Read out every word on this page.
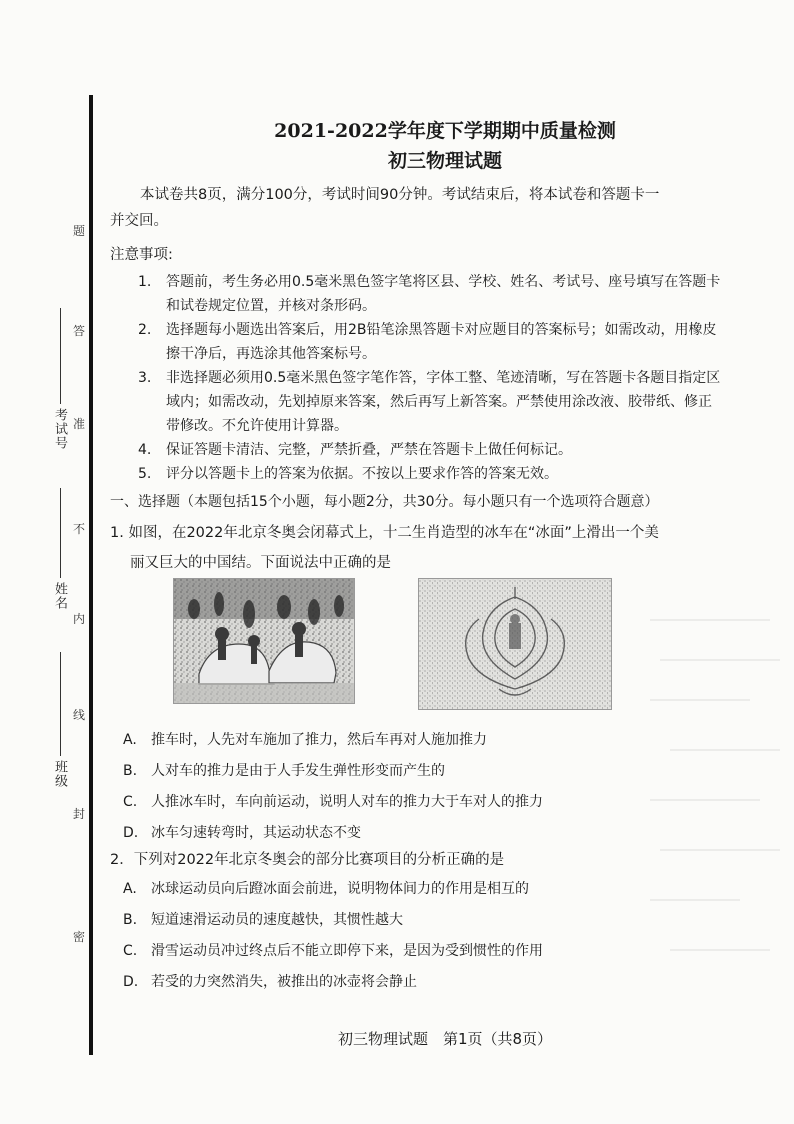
考试号
姓名
班级
题
答
准
不
内
线
封
密
2021-2022学年度下学期期中质量检测
初三物理试题
本试卷共8页，满分100分，考试时间90分钟。考试结束后，将本试卷和答题卡一
并交回。
注意事项:
1.	答题前，考生务必用0.5毫米黑色签字笔将区县、学校、姓名、考试号、座号填写在答题卡和试卷规定位置，并核对条形码。
2.	选择题每小题选出答案后，用2B铅笔涂黑答题卡对应题目的答案标号；如需改动，用橡皮擦干净后，再选涂其他答案标号。
3.	非选择题必须用0.5毫米黑色签字笔作答，字体工整、笔迹清晰，写在答题卡各题目指定区域内；如需改动，先划掉原来答案，然后再写上新答案。严禁使用涂改液、胶带纸、修正带修改。不允许使用计算器。
4.	保证答题卡清洁、完整，严禁折叠，严禁在答题卡上做任何标记。
5.	评分以答题卡上的答案为依据。不按以上要求作答的答案无效。
一、选择题（本题包括15个小题，每小题2分，共30分。每小题只有一个选项符合题意）
1. 如图，在2022年北京冬奥会闭幕式上，十二生肖造型的冰车在“冰面”上滑出一个美
丽又巨大的中国结。下面说法中正确的是
A.	推车时，人先对车施加了推力，然后车再对人施加推力
B. 人对车的推力是由于人手发生弹性形变而产生的
C. 人推冰车时，车向前运动，说明人对车的推力大于车对人的推力
D. 冰车匀速转弯时，其运动状态不变
2．下列对2022年北京冬奥会的部分比赛项目的分析正确的是
A.	冰球运动员向后蹬冰面会前进，说明物体间力的作用是相互的
B. 短道速滑运动员的速度越快，其惯性越大
C. 滑雪运动员冲过终点后不能立即停下来，是因为受到惯性的作用
D. 若受的力突然消失，被推出的冰壶将会静止
初三物理试题　第1页（共8页）
